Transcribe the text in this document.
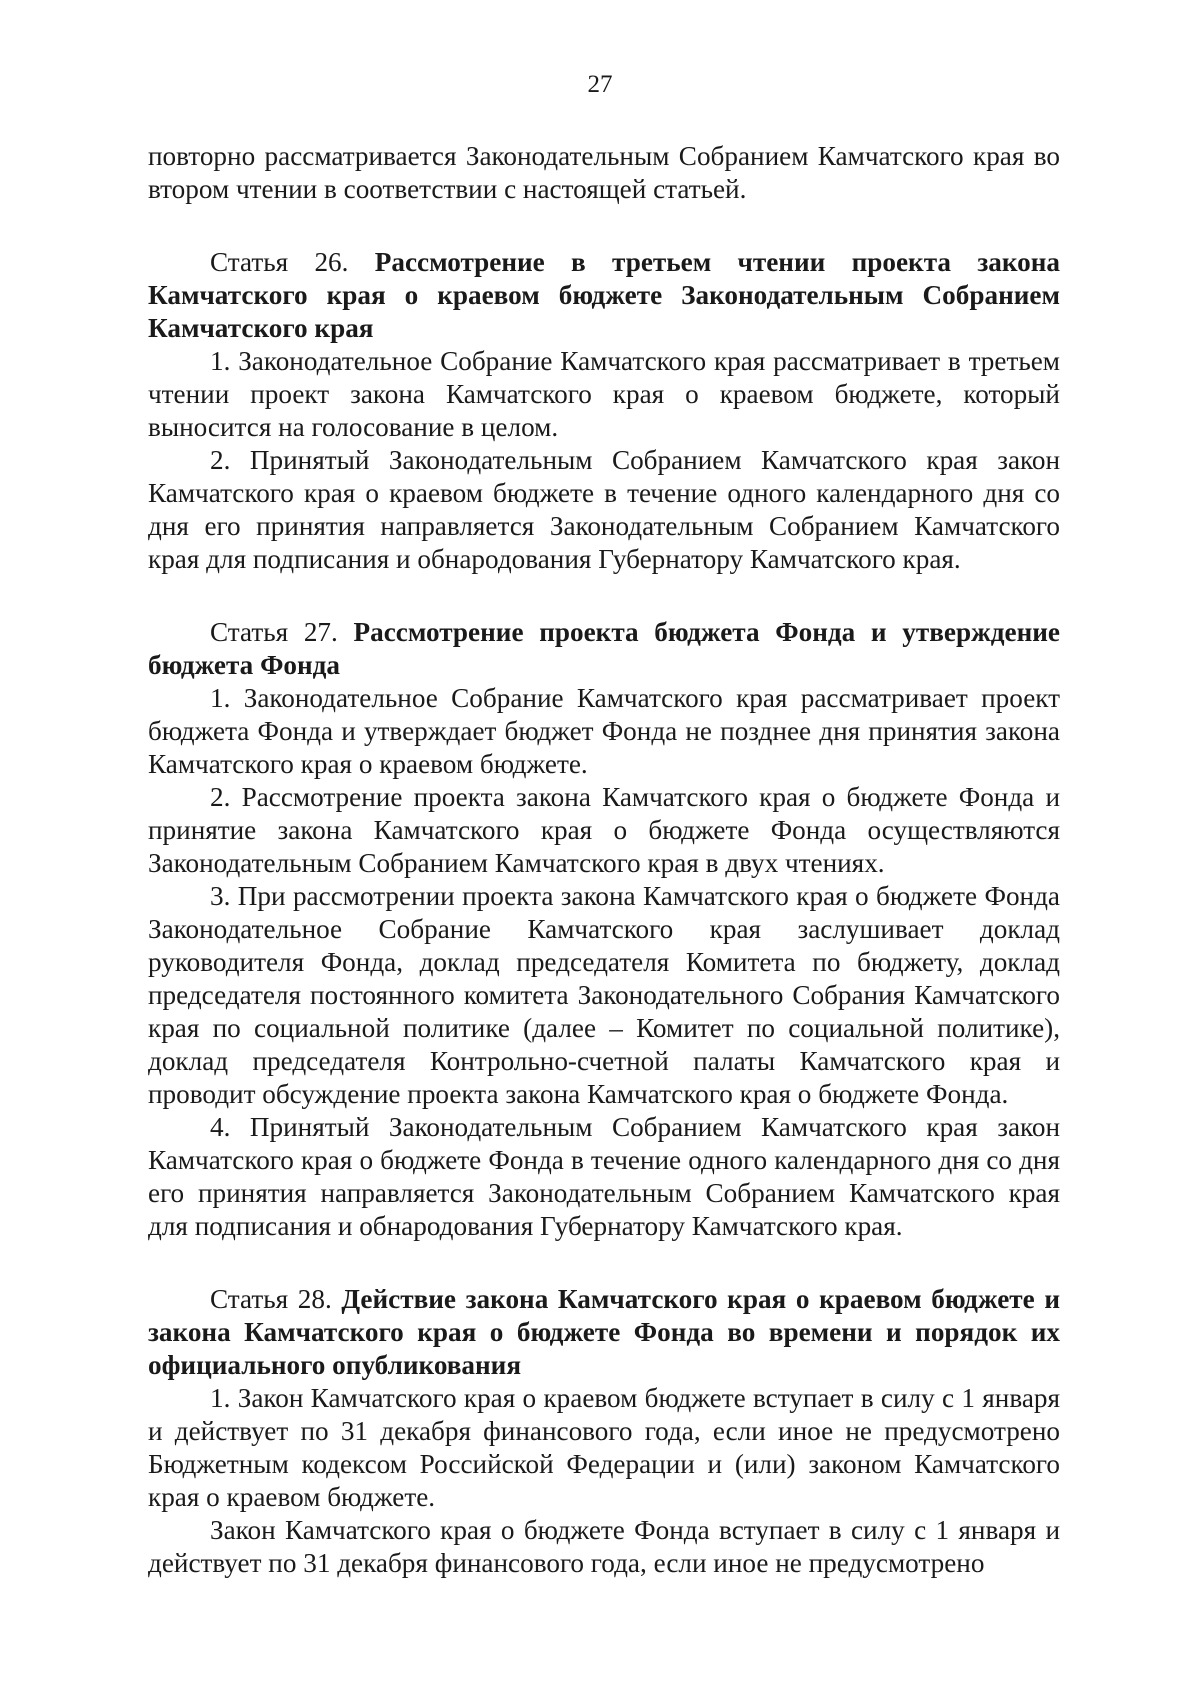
27

повторно рассматривается Законодательным Собранием Камчатского края во втором чтении в соответствии с настоящей статьей.

Статья 26. Рассмотрение в третьем чтении проекта закона Камчатского края о краевом бюджете Законодательным Собранием Камчатского края

1. Законодательное Собрание Камчатского края рассматривает в третьем чтении проект закона Камчатского края о краевом бюджете, который выносится на голосование в целом.

2. Принятый Законодательным Собранием Камчатского края закон Камчатского края о краевом бюджете в течение одного календарного дня со дня его принятия направляется Законодательным Собранием Камчатского края для подписания и обнародования Губернатору Камчатского края.

Статья 27. Рассмотрение проекта бюджета Фонда и утверждение бюджета Фонда

1. Законодательное Собрание Камчатского края рассматривает проект бюджета Фонда и утверждает бюджет Фонда не позднее дня принятия закона Камчатского края о краевом бюджете.

2. Рассмотрение проекта закона Камчатского края о бюджете Фонда и принятие закона Камчатского края о бюджете Фонда осуществляются Законодательным Собранием Камчатского края в двух чтениях.

3. При рассмотрении проекта закона Камчатского края о бюджете Фонда Законодательное Собрание Камчатского края заслушивает доклад руководителя Фонда, доклад председателя Комитета по бюджету, доклад председателя постоянного комитета Законодательного Собрания Камчатского края по социальной политике (далее – Комитет по социальной политике), доклад председателя Контрольно-счетной палаты Камчатского края и проводит обсуждение проекта закона Камчатского края о бюджете Фонда.

4. Принятый Законодательным Собранием Камчатского края закон Камчатского края о бюджете Фонда в течение одного календарного дня со дня его принятия направляется Законодательным Собранием Камчатского края для подписания и обнародования Губернатору Камчатского края.

Статья 28. Действие закона Камчатского края о краевом бюджете и закона Камчатского края о бюджете Фонда во времени и порядок их официального опубликования

1. Закон Камчатского края о краевом бюджете вступает в силу с 1 января и действует по 31 декабря финансового года, если иное не предусмотрено Бюджетным кодексом Российской Федерации и (или) законом Камчатского края о краевом бюджете.

Закон Камчатского края о бюджете Фонда вступает в силу с 1 января и действует по 31 декабря финансового года, если иное не предусмотрено
